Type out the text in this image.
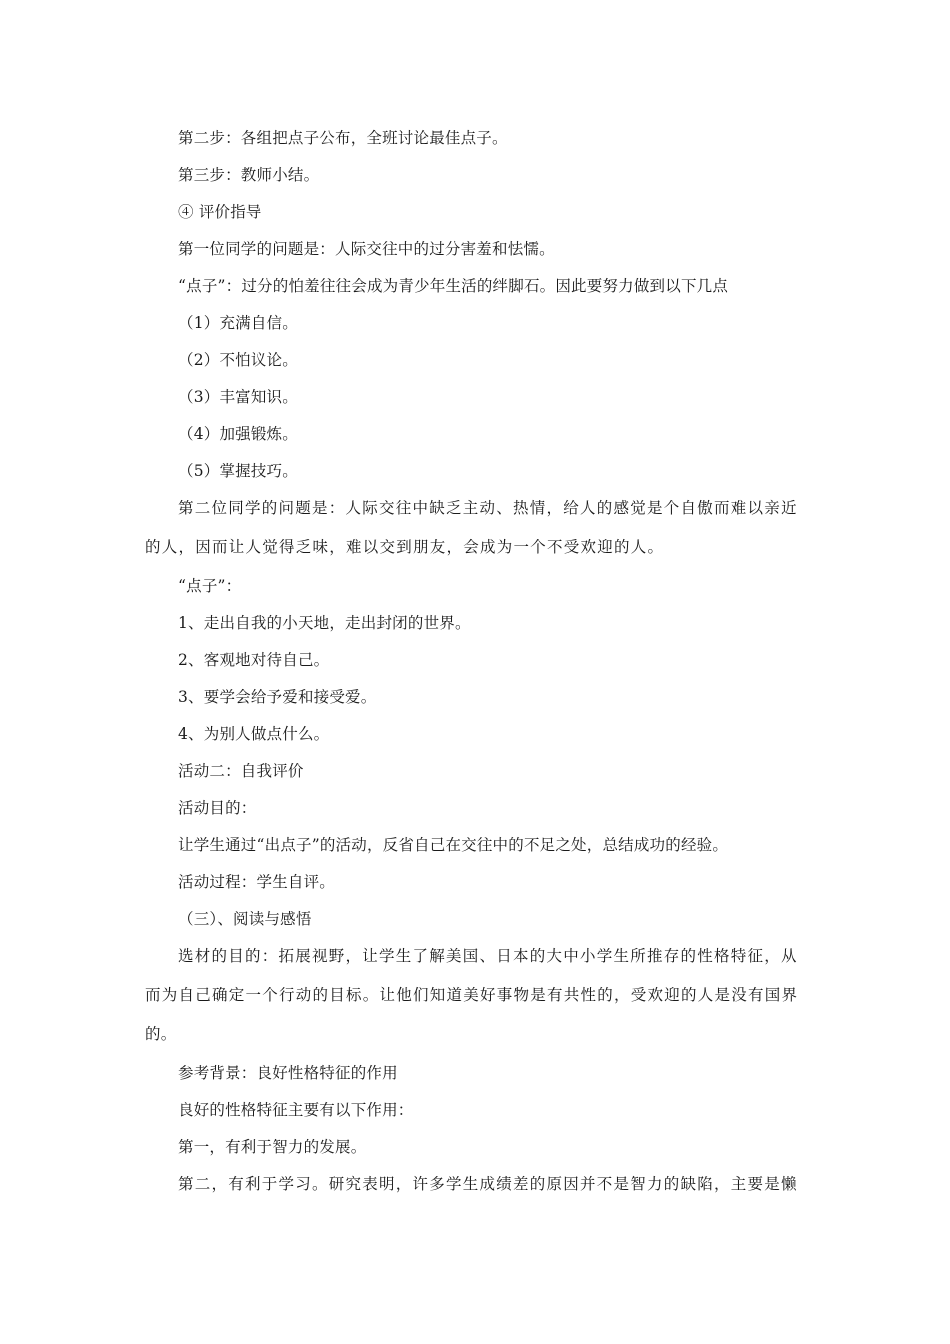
第二步：各组把点子公布，全班讨论最佳点子。
第三步：教师小结。
④ 评价指导
第一位同学的问题是：人际交往中的过分害羞和怯懦。
“点子”：过分的怕羞往往会成为青少年生活的绊脚石。因此要努力做到以下几点
（1）充满自信。
（2）不怕议论。
（3）丰富知识。
（4）加强锻炼。
（5）掌握技巧。
第二位同学的问题是：人际交往中缺乏主动、热情，给人的感觉是个自傲而难以亲近
的人，因而让人觉得乏味，难以交到朋友，会成为一个不受欢迎的人。
“点子”：
1、走出自我的小天地，走出封闭的世界。
2、客观地对待自己。
3、要学会给予爱和接受爱。
4、为别人做点什么。
活动二：自我评价
活动目的：
让学生通过“出点子”的活动，反省自己在交往中的不足之处，总结成功的经验。
活动过程：学生自评。
（三）、阅读与感悟
选材的目的：拓展视野，让学生了解美国、日本的大中小学生所推存的性格特征，从
而为自己确定一个行动的目标。让他们知道美好事物是有共性的，受欢迎的人是没有国界
的。
参考背景：良好性格特征的作用
良好的性格特征主要有以下作用：
第一，有利于智力的发展。
第二，有利于学习。研究表明，许多学生成绩差的原因并不是智力的缺陷，主要是懒
